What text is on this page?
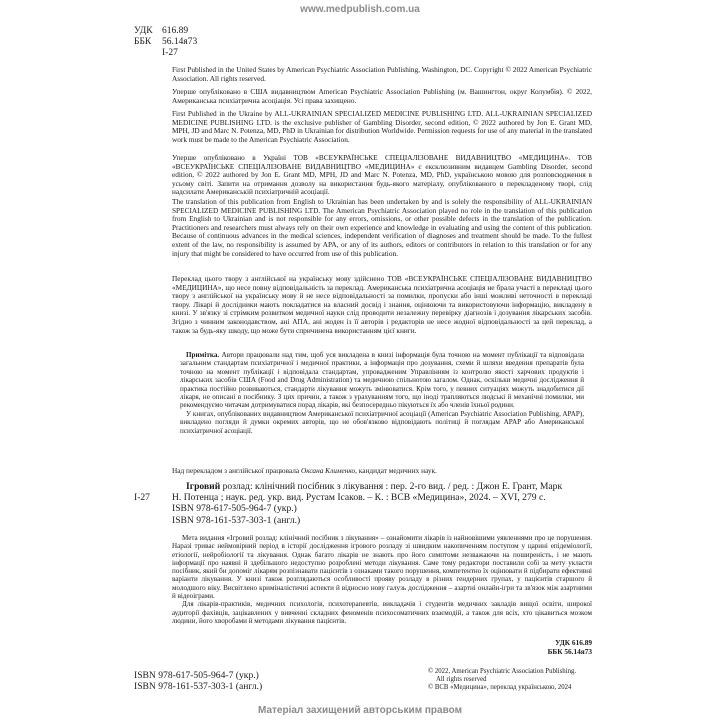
www.medpublish.com.ua
УДК 616.89
ББК	56.14я73
І-27
First Published in the United States by American Psychiatric Association Publishing, Washington, DC. Copyright © 2022 American Psychiatric Association. All rights reserved.
Уперше опубліковано в США видавництвом American Psychiatric Association Publishing (м. Вашингтон, округ Колумбія). © 2022, Американська психіатрична асоціація. Усі права захищено.
First Published in the Ukraine by ALL-UKRAINIAN SPECIALIZED MEDICINE PUBLISHING LTD. ALL-UKRAINIAN SPECIALIZED MEDICINE PUBLISHING LTD. is the exclusive publisher of Gambling Disorder, second edition, © 2022 authored by Jon E. Grant MD, MPH, JD and Marc N. Potenza, MD, PhD in Ukrainian for distribution Worldwide. Permission requests for use of any material in the translated work must be made to the American Psychiatric Association.
Уперше опубліковано в Україні ТОВ «ВСЕУКРАЇНСЬКЕ СПЕЦІАЛІЗОВАНЕ ВИДАВНИЦТВО «МЕДИЦИНА». ТОВ «ВСЕУКРАЇНСЬКЕ СПЕЦІАЛІЗОВАНЕ ВИДАВНИЦТВО «МЕДИЦИНА» є ексклюзивним видавцем Gambling Disorder, second edition, © 2022 authored by Jon E. Grant MD, MPH, JD and Marc N. Potenza, MD, PhD, українською мовою для розповсюдження в усьому світі. Запити на отримання дозволу на використання будь-якого матеріалу, опублікованого в перекладеному творі, слід надсилати Американській психіатричній асоціації.
The translation of this publication from English to Ukrainian has been undertaken by and is solely the responsibility of ALL-UKRAINIAN SPECIALIZED MEDICINE PUBLISHING LTD. The American Psychiatric Association played no role in the translation of this publication from English to Ukrainian and is not responsible for any errors, omissions, or other possible defects in the translation of the publication. Practitioners and researchers must always rely on their own experience and knowledge in evaluating and using the content of this publication. Because of continuous advances in the medical sciences, independent verification of diagnoses and treatment should be made. To the fullest extent of the law, no responsibility is assumed by APA, or any of its authors, editors or contributors in relation to this translation or for any injury that might be considered to have occurred from use of this publication.
Переклад цього твору з англійської на українську мову здійснено ТОВ «ВСЕУКРАЇНСЬКЕ СПЕЦІАЛІЗОВАНЕ ВИДАВНИЦТВО «МЕДИЦИНА», що несе повну відповідальність за переклад. Американська психіатрична асоціація не брала участі в перекладі цього твору з англійської на українську мову й не несе відповідальності за помилки, пропуски або інші можливі неточності в перекладі твору. Лікарі й дослідники мають покладатися на власний досвід і знання, оцінюючи та використовуючи інформацію, викладену в книзі. У зв'язку зі стрімким розвитком медичної науки слід проводити незалежну перевірку діагнозів і дозування лікарських засобів. Згідно з чинним законодавством, ані АПА, ані жоден із її авторів і редакторів не несе жодної відповідальності за цей переклад, а також за будь-яку шкоду, що може бути спричинена використанням цієї книги.

Примітка. Автори працювали над тим, щоб уся викладена в книзі інформація була точною на момент публікації та відповідала загальним стандартам психіатричної і медичної практики, а інформація про дозування, схеми й шляхи введення препаратів була точною на момент публікації і відповідала стандартам, упровадженим Управлінням із контролю якості харчових продуктів і лікарських засобів США (Food and Drug Administration) та медичною спільнотою загалом. Однак, оскільки медичні дослідження й практика постійно розвиваються, стандарти лікування можуть змінюватися. Крім того, у певних ситуаціях можуть знадобитися дії лікаря, не описані в посібнику. З цих причин, а також з урахуванням того, що іноді трапляються людські й механічні помилки, ми рекомендуємо читачам дотримуватися порад лікарів, які безпосередньо пікуються їх або членів їхньої родини.

У книгах, опублікованих видавництвом Американської психіатричної асоціації (American Psychiatric Association Publishing, APAP), викладено погляди й думки окремих авторів, що не обов'язково відповідають політиці й поглядам APAP або Американської психіатричної асоціації.

Над перекладом з англійської працювала Оксана Клименко, кандидат медичних наук.
І-27
Ігровий розлад: клінічний посібник з лікування : пер. 2-го вид. / ред. : Джон Е. Грант, Марк
Н. Потенца ; наук. ред. укр. вид. Рустам Ісаков. – К. : ВСВ «Медицина», 2024. – XVI, 279 с.
ISBN 978-617-505-964-7 (укр.)
ISBN 978-161-537-303-1 (англ.)

Мета видання «Ігровий розлад: клінічний посібник з лікування» – ознайомити лікарів із найновішими уявленнями про це порушення. Наразі триває неймовірний період в історії дослідження ігрового розладу зі швидким накопиченням поступом у царині епідеміології, етіології, нейробіології та лікування. Однак багато лікарів не знають про його симптоми незважаючи на поширеність, і не мають інформації про наявні й здебільшого недоступно розроблені методи лікування. Саме тому редактори поставили собі за мету укласти посібник, який би допоміг лікарям розпізнавати пацієнтів з ознаками такого порушення, компетентно їх оцінювати й підбирати ефективні варіанти лікування. У книзі також розглядаються особливості прояву розладу в різних гендерних групах, у пацієнтів старшого й молодшого віку. Висвітлено криміналістичні аспекти й відносно нову галузь дослідження – азартні онлайн-ігри та зв'язок між азартними й відеоіграми.

Для лікарів-практиків, медичних психологів, психотерапевтів, викладачів і студентів медичних закладів вищої освіти, широкої аудиторії фахівців, зацікавлених у вивченні складних феноменів психосоматичних взаємодій, а також для всіх, хто цікавиться мозком людини, його хворобами й методами лікування пацієнтів.

УДК 616.89
ББК 56.14я73
ISBN 978-617-505-964-7 (укр.)
ISBN 978-161-537-303-1 (англ.)
© 2022, American Psychiatric Association Publishing.
All rights reserved
© ВСВ «Медицина», переклад українською, 2024
Матеріал захищений авторським правом
